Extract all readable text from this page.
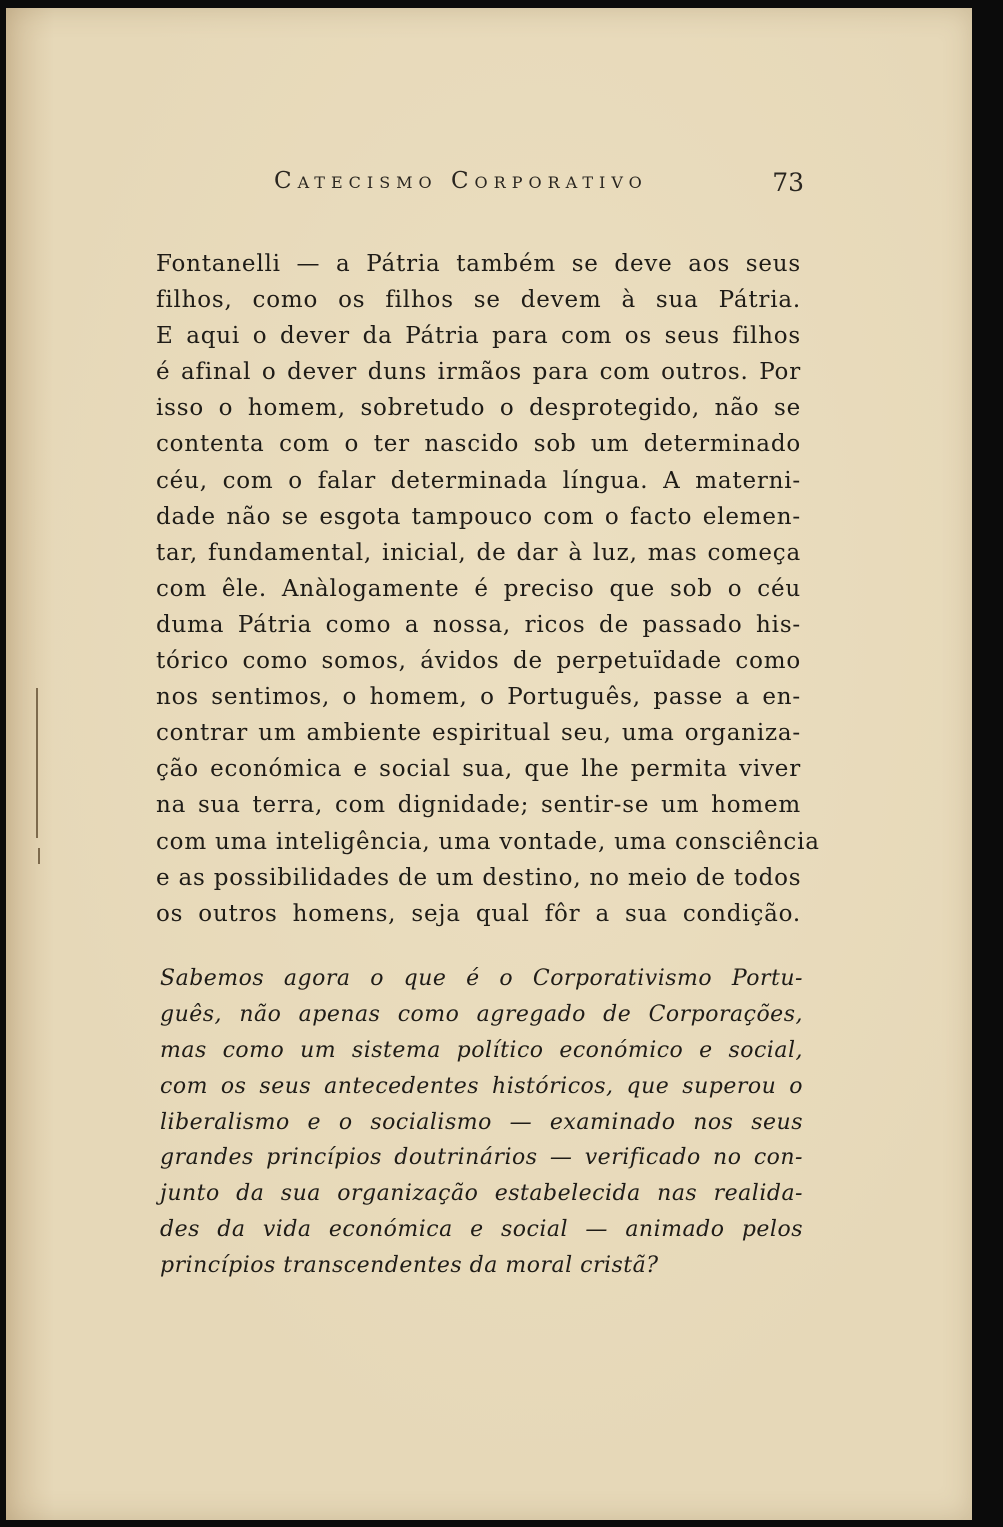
Catecismo Corporativo	73
Fontanelli — a Pátria também se deve aos seus
filhos, como os filhos se devem à sua Pátria.
E aqui o dever da Pátria para com os seus filhos
é afinal o dever duns irmãos para com outros. Por
isso o homem, sobretudo o desprotegido, não se
contenta com o ter nascido sob um determinado
céu, com o falar determinada língua. A materni-
dade não se esgota tampouco com o facto elemen-
tar, fundamental, inicial, de dar à luz, mas começa
com êle. Anàlogamente é preciso que sob o céu
duma Pátria como a nossa, ricos de passado his-
tórico como somos, ávidos de perpetuïdade como
nos sentimos, o homem, o Português, passe a en-
contrar um ambiente espiritual seu, uma organiza-
ção económica e social sua, que lhe permita viver
na sua terra, com dignidade; sentir-se um homem
com uma inteligência, uma vontade, uma consciência
e as possibilidades de um destino, no meio de todos
os outros homens, seja qual fôr a sua condição.
Sabemos agora o que é o Corporativismo Portu-
guês, não apenas como agregado de Corporações,
mas como um sistema político económico e social,
com os seus antecedentes históricos, que superou o
liberalismo e o socialismo — examinado nos seus
grandes princípios doutrinários — verificado no con-
junto da sua organização estabelecida nas realida-
des da vida económica e social — animado pelos
princípios transcendentes da moral cristã?
